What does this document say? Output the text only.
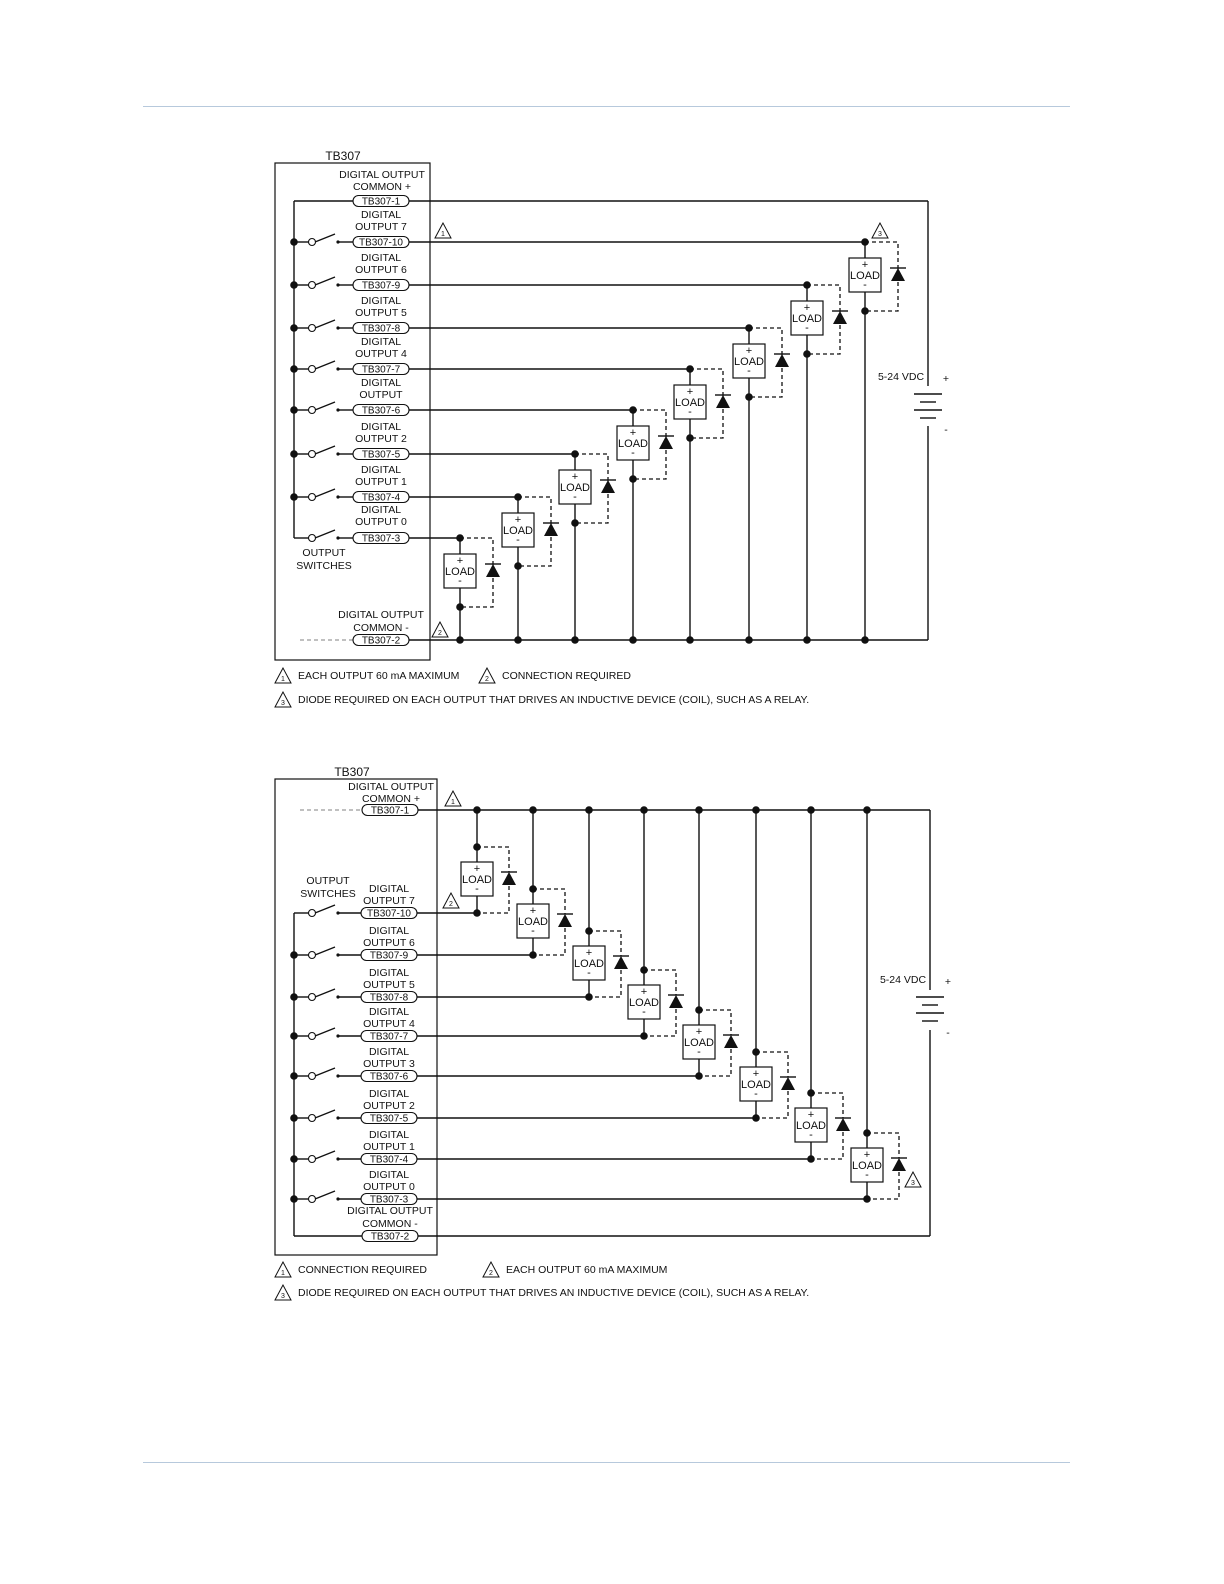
TB307
DIGITAL OUTPUT
COMMON +
TB307-1
DIGITAL
OUTPUT 7
TB307-10
+
LOAD
-
DIGITAL
OUTPUT 6
TB307-9
+
LOAD
-
DIGITAL
OUTPUT 5
TB307-8
+
LOAD
-
DIGITAL
OUTPUT 4
TB307-7
+
LOAD
-
DIGITAL
OUTPUT
TB307-6
+
LOAD
-
DIGITAL
OUTPUT 2
TB307-5
+
LOAD
-
DIGITAL
OUTPUT 1
TB307-4
+
LOAD
-
DIGITAL
OUTPUT 0
TB307-3
+
LOAD
-
DIGITAL OUTPUT
COMMON -
TB307-2
OUTPUT
SWITCHES
5-24 VDC +
-
1	3
2
1 EACH OUTPUT 60 mA MAXIMUM	2 CONNECTION REQUIRED
3 DIODE REQUIRED ON EACH OUTPUT THAT DRIVES AN INDUCTIVE DEVICE (COIL), SUCH AS A RELAY.
TB307
DIGITAL OUTPUT
COMMON +
TB307-1
DIGITAL
OUTPUT 7
TB307-10
+
LOAD
-
DIGITAL
OUTPUT 6
TB307-9
+
LOAD
-
DIGITAL
OUTPUT 5
TB307-8
+
LOAD
-
DIGITAL
OUTPUT 4
TB307-7
+
LOAD
-
DIGITAL
OUTPUT 3
TB307-6
+
LOAD
-
DIGITAL
OUTPUT 2
TB307-5
+
LOAD
-
DIGITAL
OUTPUT 1
TB307-4
+
LOAD
-
DIGITAL
OUTPUT 0
TB307-3
+
LOAD
-
DIGITAL OUTPUT
COMMON -
TB307-2
OUTPUT
SWITCHES
5-24 VDC +
-
1
2
3
1 CONNECTION REQUIRED	2 EACH OUTPUT 60 mA MAXIMUM
3 DIODE REQUIRED ON EACH OUTPUT THAT DRIVES AN INDUCTIVE DEVICE (COIL), SUCH AS A RELAY.
